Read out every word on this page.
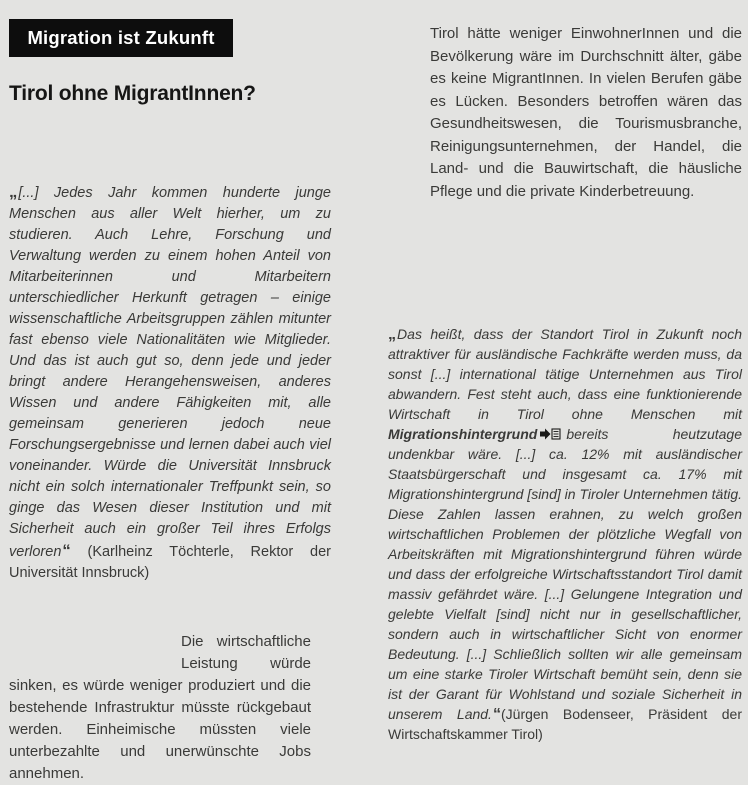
Migration ist Zukunft
Tirol ohne MigrantInnen?

„ [...] Jedes Jahr kommen hunderte junge Menschen aus aller Welt hierher, um zu studieren. Auch Lehre, Forschung und Verwaltung werden zu einem hohen Anteil von Mitarbeiterinnen und Mitarbeitern unterschiedlicher Herkunft getragen – einige wissenschaftliche Arbeitsgruppen zählen mitunter fast ebenso viele Nationalitäten wie Mitglieder. Und das ist auch gut so, denn jede und jeder bringt andere Herangehensweisen, anderes Wissen und andere Fähigkeiten mit, alle gemeinsam generieren jedoch neue Forschungsergebnisse und lernen dabei auch viel voneinander. Würde die Universität Innsbruck nicht ein solch internationaler Treffpunkt sein, so ginge das Wesen dieser Institution und mit Sicherheit auch ein großer Teil ihres Erfolgs verloren“ (Karlheinz Töchterle, Rektor der Universität Innsbruck)

Die wirtschaftliche Leistung würde sinken, es würde weniger produziert und die bestehende Infrastruktur müsste rückgebaut werden. Einheimische müssten viele unterbezahlte und unerwünschte Jobs annehmen.

Tirol hätte weniger EinwohnerInnen und die Bevölkerung wäre im Durchschnitt älter, gäbe es keine MigrantInnen. In vielen Berufen gäbe es Lücken. Besonders betroffen wären das Gesundheitswesen, die Tourismusbranche, Reinigungsunternehmen, der Handel, die Land- und die Bauwirtschaft, die häusliche Pflege und die private Kinderbetreuung.

„ Das heißt, dass der Standort Tirol in Zukunft noch attraktiver für ausländische Fachkräfte werden muss, da sonst [...] international tätige Unternehmen aus Tirol abwandern. Fest steht auch, dass eine funktionierende Wirtschaft in Tirol ohne Menschen mit Migrationshintergrund bereits heutzutage undenkbar wäre. [...] ca. 12% mit ausländischer Staatsbürgerschaft und insgesamt ca. 17% mit Migrationshintergrund [sind] in Tiroler Unternehmen tätig. Diese Zahlen lassen erahnen, zu welch großen wirtschaftlichen Problemen der plötzliche Wegfall von Arbeitskräften mit Migrationshintergrund führen würde und dass der erfolgreiche Wirtschaftsstandort Tirol damit massiv gefährdet wäre. [...] Gelungene Integration und gelebte Vielfalt [sind] nicht nur in gesellschaftlicher, sondern auch in wirtschaftlicher Sicht von enormer Bedeutung. [...] Schließlich sollten wir alle gemeinsam um eine starke Tiroler Wirtschaft bemüht sein, denn sie ist der Garant für Wohlstand und soziale Sicherheit in unserem Land.“(Jürgen Bodenseer, Präsident der Wirtschaftskammer Tirol)
